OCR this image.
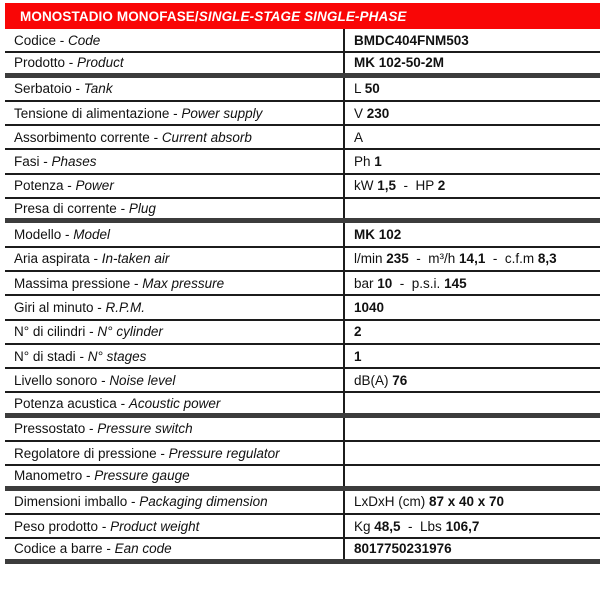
MONOSTADIO MONOFASE/ SINGLE-STAGE SINGLE-PHASE
Codice - Code	BMDC404FNM503
Prodotto - Product	MK 102-50-2M
Serbatoio - Tank	L 50
Tensione di alimentazione - Power supply	V 230
Assorbimento corrente - Current absorb	A
Fasi - Phases	Ph 1
Potenza - Power	kW 1,5 -  HP 2
Presa di corrente - Plug
Modello - Model	MK 102
Aria aspirata - In-taken air	l/min 235 -  m³/h 14,1 -  c.f.m 8,3
Massima pressione - Max pressure	bar 10 -  p.s.i. 145
Giri al minuto - R.P.M.	1040
N° di cilindri - N° cylinder	2
N° di stadi - N° stages	1
Livello sonoro - Noise level	dB(A) 76
Potenza acustica - Acoustic power
Pressostato - Pressure switch
Regolatore di pressione - Pressure regulator
Manometro - Pressure gauge
Dimensioni imballo - Packaging dimension	LxDxH (cm) 87 x 40 x 70
Peso prodotto - Product weight	Kg 48,5 -  Lbs 106,7
Codice a barre - Ean code	8017750231976
